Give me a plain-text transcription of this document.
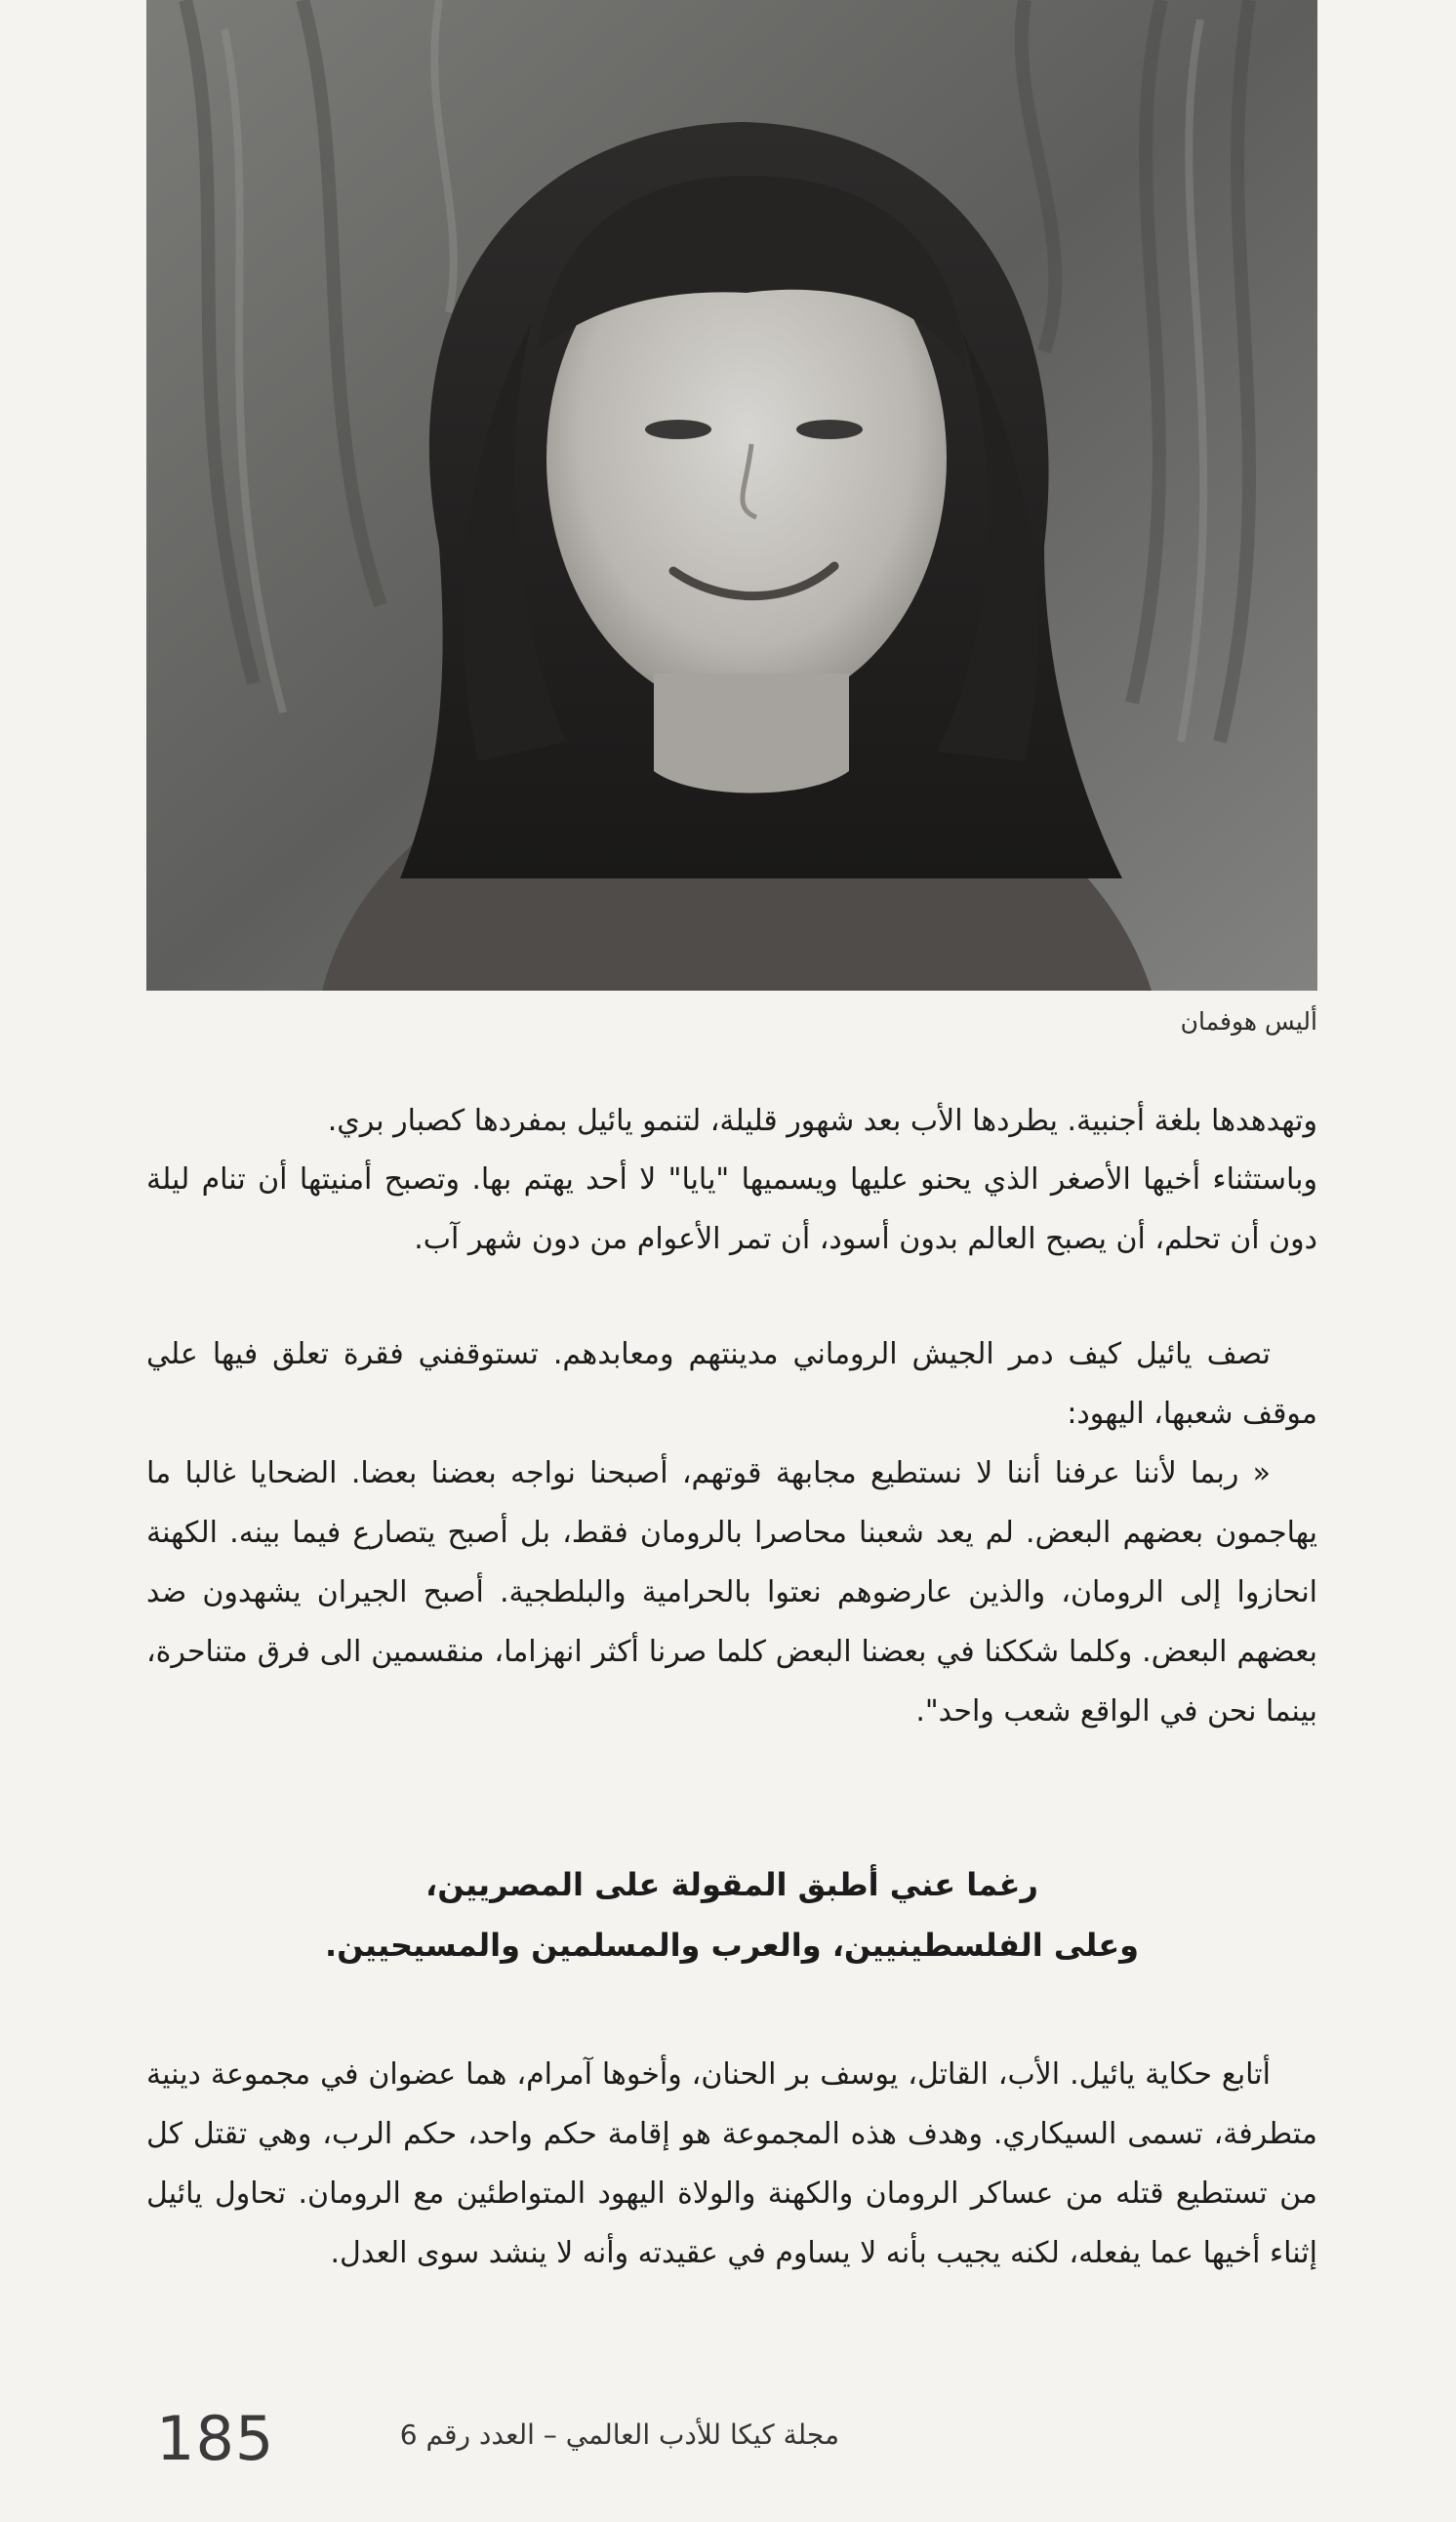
أليس هوفمان

وتهدهدها بلغة أجنبية. يطردها الأب بعد شهور قليلة، لتنمو يائيل بمفردها كصبار بري.

وباستثناء أخيها الأصغر الذي يحنو عليها ويسميها "يايا" لا أحد يهتم بها. وتصبح أمنيتها أن تنام ليلة دون أن تحلم، أن يصبح العالم بدون أسود، أن تمر الأعوام من دون شهر آب.

تصف يائيل كيف دمر الجيش الروماني مدينتهم ومعابدهم. تستوقفني فقرة تعلق فيها علي موقف شعبها، اليهود:

« ربما لأننا عرفنا أننا لا نستطيع مجابهة قوتهم، أصبحنا نواجه بعضنا بعضا. الضحايا غالبا ما يهاجمون بعضهم البعض. لم يعد شعبنا محاصرا بالرومان فقط، بل أصبح يتصارع فيما بينه. الكهنة انحازوا إلى الرومان، والذين عارضوهم نعتوا بالحرامية والبلطجية. أصبح الجيران يشهدون ضد بعضهم البعض. وكلما شككنا في بعضنا البعض كلما صرنا أكثر انهزاما، منقسمين الى فرق متناحرة، بينما نحن في الواقع شعب واحد".

رغما عني أطبق المقولة على المصريين،
وعلى الفلسطينيين، والعرب والمسلمين والمسيحيين.

أتابع حكاية يائيل. الأب، القاتل، يوسف بر الحنان، وأخوها آمرام، هما عضوان في مجموعة دينية متطرفة، تسمى السيكاري. وهدف هذه المجموعة هو إقامة حكم واحد، حكم الرب، وهي تقتل كل من تستطيع قتله من عساكر الرومان والكهنة والولاة اليهود المتواطئين مع الرومان. تحاول يائيل إثناء أخيها عما يفعله، لكنه يجيب بأنه لا يساوم في عقيدته وأنه لا ينشد سوى العدل.

مجلة كيكا للأدب العالمي – العدد رقم 6
185
